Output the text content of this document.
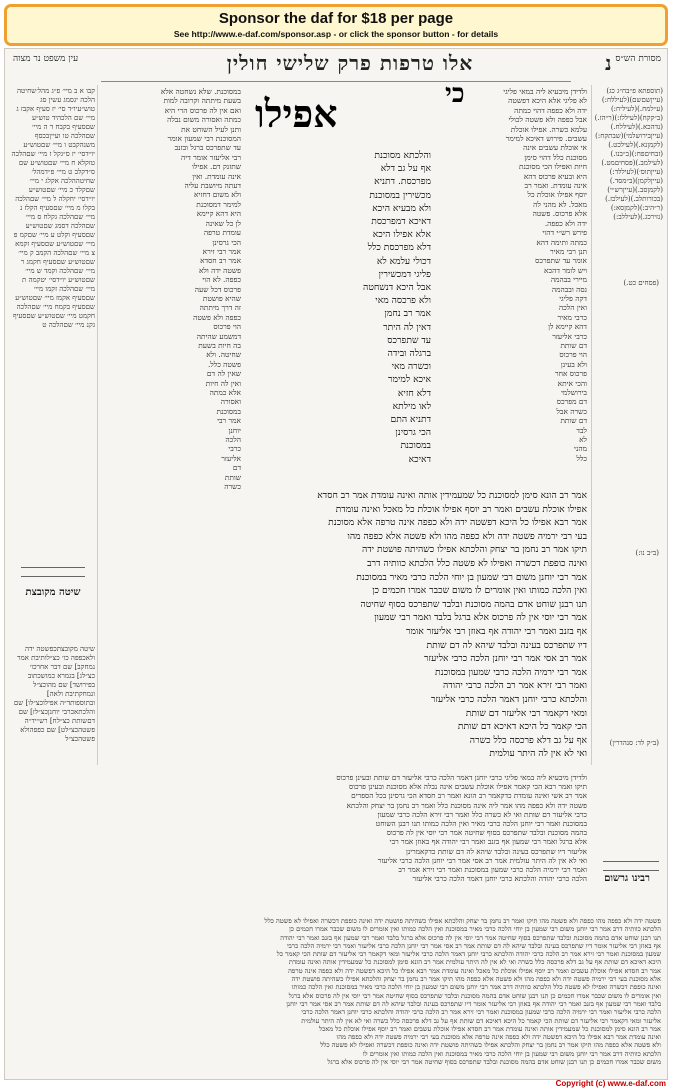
Sponsor the daf for $18 per page
See http://www.e-daf.com/sponsor.asp - or click the sponsor button - for details
עין משפט נר מצוה	אלו טרפות פרק שלישי חולין	מסורת הש״ס
נ
אפילו	כי
במסוכנת. שלא נשחטה אלא
בשעת מיתתה וקרובה למות
ואם אין לה פרכוס הרי היא
כמתה ואסורה משום נבלה
ותנן לעיל השוחט את
המסוכנת רבי שמעון אומר
עד שתפרכס ברגל ובזנב
רבי אליעזר אומר דיה
שתזנק דם. אפילו
אינה עומדת. ואין
דעתה מיושבת עליה
ולא משום דחזיא
למימר דמסוכנת
היא דהא קיימא
לן כל שאינה
עומדת טרפה
הכי גרסינן
אמר רבי זירא
אמר רב חסדא
פשטה ידה ולא
כפפה. לא הוי
פרכוס דכל שעה
שהיא פושטת
זה דרך מיתתה
כפפה ולא פשטה
הוי פרכוס
דמשמע שהיתה
בה חיות בשעת
שחיטה. ולא
פשטה כלל.
שאין לה דם
ואין לה חיות
אלא כמתה
ואסורה
במסוכנת
אמר רבי
יוחנן
הלכה
כרבי
אליעזר
דם
שותת
כשרה
ולדידן מיבעיא ליה במאי פליגי
לא פליגי אלא היכא דפשטה
ידה ולא כפפה דהוי כמתה
אבל כפפה ולא פשטה לכולי
עלמא כשרה. אפילו אוכלת
עשבים. פירוש דאיכא למימר
אי אוכלת עשבים אינה
מסוכנת כלל דהוי סימן
חיות ואפילו הכי מסוכנת
היא ובעיא פרכוס דהא
אינה עומדת. ואמר רב
יוסף אפילו אוכלת כל
מאכל. לא מהני לה
אלא פרכוס. פשטה
ידה ולא כפפה.
פירש רש״י דהוי
כמתה ותימה דהא
תנן רבי מאיר
אומר עד שתפרכס
ויש לומר דהכא
מיירי בבהמה
גסה ובבהמה
דקה פליגי
ואין הלכה
כרבי מאיר
דהא קיימא לן
כרבי אליעזר
דם שותת
הוי פרכוס
ולא בעינן
פרכוס אחר
והכי איתא
בירושלמי
דם מפרכס
כשרה אבל
דם שותת
לבד
לא
מהני
כלל
והלכתא מסוכנת
אף על גב דלא
מפרכסת. דתניא
מכשירין במסוכנת
ולא מבעיא היכא
דאיכא דמפרכסת
אלא אפילו היכא
דלא מפרכסת כלל
דכולי עלמא לא
פליגי דמכשירין
אבל היכא דנשחטה
ולא פרכסה מאי
אמר רב נחמן
דאין לה היתר
עד שתפרכס
ברגלה ובידה
וכשרה מאי
איכא למימר
דלא חזיא
לאו מילתא
דתניא התם
הכי גרסינן
במסוכנת
דאיכא
אמר רב הונא סימן למסוכנת כל שמעמידין אותה ואינה עומדת אמר רב חסדא
אפילו אוכלת עשבים ואמר רב יוסף אפילו אוכלת כל מאכל ואינה עומדת
אמר רבא אפילו כל היכא דפשטה ידה ולא כפפה אינה טרפה אלא מסוכנת
בעי רבי ירמיה פשטה ידה ולא כפפה מהו ולא פשטה אלא כפפה מהו
תיקו אמר רב נחמן בר יצחק והלכתא אפילו כשהיתה פושטת ידה
ואינה כופפת דכשרה ואפילו לא פשטה כלל הלכתא כוותיה דרב
אמר רבי יוחנן משום רבי שמעון בן יוחי הלכה כרבי מאיר במסוכנת
ואין הלכה כמותו ואין אומרים לו משום שכבר אמרו חכמים כן
תנו רבנן שוחט אדם בהמה מסוכנת ובלבד שתפרכס בסוף שחיטה
אמר רבי יוסי אין לה פרכוס אלא ברגל בלבד ואמר רבי שמעון
אף בזנב ואמר רבי יהודה אף באוזן רבי אליעזר אומר
דיו שתפרכס בעינה ובלבד שיהא לה דם שותת
אמר רב אסי אמר רבי יוחנן הלכה כרבי אליעזר
אמר רבי ירמיה הלכה כרבי שמעון במסוכנת
ואמר רבי זירא אמר רב הלכה כרבי יהודה
והלכתא כרבי יוחנן דאמר הלכה כרבי אליעזר
ומאי דקאמר רבי אליעזר דם שותת
הכי קאמר כל היכא דאיכא דם שותת
אף על גב דלא פרכסה כלל כשרה
ואי לא אין לה היתר עולמית
ולדידן מיבעיא ליה במאי פליגי כרבי יוחנן דאמר הלכה כרבי אליעזר דם שותת ובעינן פרכוס
תיקו ואמר רבא הכי קאמר אפילו אוכלת עשבים אינה נבלה אלא מסוכנת ובעינן פרכוס
אמר רב אשי ואינה עומדת כדקאמר רב הונא ואמר רב חסדא הכי גרסינן בכל הספרים
פשטה ידה ולא כפפה מהו אמר ליה אינה מסוכנת כלל ואמר רב נחמן בר יצחק והלכתא
כרבי אליעזר דם שותת ואי לא כשרה כלל ואמר רבי זירא הלכה כרבי שמעון
במסוכנת ואמר רבי יוחנן הלכה כרבי מאיר ואין הלכה כמותו תנו רבנן השוחט
בהמה מסוכנת ובלבד שתפרכס בסוף שחיטה אמר רבי יוסי אין לה פרכוס
אלא ברגל ואמר רבי שמעון אף בזנב ואמר רבי יהודה אף באוזן אמר רבי
אליעזר דיו שתפרכס בעינה ובלבד שיהא לה דם שותת כדקאמרינן
ואי לא אין לה היתר עולמית אמר רב אסי אמר רבי יוחנן הלכה כרבי אליעזר
ואמר רבי ירמיה הלכה כרבי שמעון במסוכנת ואמר רבי זירא אמר רב
הלכה כרבי יהודה והלכתא כרבי יוחנן דאמר הלכה כרבי אליעזר
פשטה ידה ולא כפפה מהו כפפה ולא פשטה מהו תיקו ואמר רב נחמן בר יצחק והלכתא אפילו כשהיתה פושטת ידה ואינה כופפת דכשרה ואפילו לא פשטה כלל
הלכתא כוותיה דרב אמר רבי יוחנן משום רבי שמעון בן יוחי הלכה כרבי מאיר במסוכנת ואין הלכה כמותו ואין אומרים לו משום שכבר אמרו חכמים כן
תנו רבנן שוחט אדם בהמה מסוכנת ובלבד שתפרכס בסוף שחיטה אמר רבי יוסי אין לה פרכוס אלא ברגל בלבד ואמר רבי שמעון אף בזנב ואמר רבי יהודה
אף באוזן רבי אליעזר אומר דיו שתפרכס בעינה ובלבד שיהא לה דם שותת אמר רב אסי אמר רבי יוחנן הלכה כרבי אליעזר ואמר רבי ירמיה הלכה כרבי
שמעון במסוכנת ואמר רבי זירא אמר רב הלכה כרבי יהודה והלכתא כרבי יוחנן דאמר הלכה כרבי אליעזר ומאי דקאמר רבי אליעזר דם שותת הכי קאמר כל
היכא דאיכא דם שותת אף על גב דלא פרכסה כלל כשרה ואי לא אין לה היתר עולמית אמר רב הונא סימן למסוכנת כל שמעמידין אותה ואינה עומדת
אמר רב חסדא אפילו אוכלת עשבים ואמר רב יוסף אפילו אוכלת כל מאכל ואינה עומדת אמר רבא אפילו כל היכא דפשטה ידה ולא כפפה אינה טרפה
אלא מסוכנת בעי רבי ירמיה פשטה ידה ולא כפפה מהו ולא פשטה אלא כפפה מהו תיקו אמר רב נחמן בר יצחק והלכתא אפילו כשהיתה פושטת ידה
ואינה כופפת דכשרה ואפילו לא פשטה כלל הלכתא כוותיה דרב אמר רבי יוחנן משום רבי שמעון בן יוחי הלכה כרבי מאיר במסוכנת ואין הלכה כמותו
ואין אומרים לו משום שכבר אמרו חכמים כן תנו רבנן שוחט אדם בהמה מסוכנת ובלבד שתפרכס בסוף שחיטה אמר רבי יוסי אין לה פרכוס אלא ברגל
בלבד ואמר רבי שמעון אף בזנב ואמר רבי יהודה אף באוזן רבי אליעזר אומר דיו שתפרכס בעינה ובלבד שיהא לה דם שותת אמר רב אסי אמר רבי יוחנן
הלכה כרבי אליעזר ואמר רבי ירמיה הלכה כרבי שמעון במסוכנת ואמר רבי זירא אמר רב הלכה כרבי יהודה והלכתא כרבי יוחנן דאמר הלכה כרבי
אליעזר ומאי דקאמר רבי אליעזר דם שותת הכי קאמר כל היכא דאיכא דם שותת אף על גב דלא פרכסה כלל כשרה ואי לא אין לה היתר עולמית
אמר רב הונא סימן למסוכנת כל שמעמידין אותה ואינה עומדת אמר רב חסדא אפילו אוכלת עשבים ואמר רב יוסף אפילו אוכלת כל מאכל
ואינה עומדת אמר רבא אפילו כל היכא דפשטה ידה ולא כפפה אינה טרפה אלא מסוכנת בעי רבי ירמיה פשטה ידה ולא כפפה מהו
ולא פשטה אלא כפפה מהו תיקו אמר רב נחמן בר יצחק והלכתא אפילו כשהיתה פושטת ידה ואינה כופפת דכשרה ואפילו לא פשטה כלל
הלכתא כוותיה דרב אמר רבי יוחנן משום רבי שמעון בן יוחי הלכה כרבי מאיר במסוכנת ואין הלכה כמותו ואין אומרים לו
משום שכבר אמרו חכמים כן תנו רבנן שוחט אדם בהמה מסוכנת ובלבד שתפרכס בסוף שחיטה אמר רבי יוסי אין לה פרכוס אלא ברגל
קבו א ב מיי׳ פ״ג מהל׳שחיטה הלכה יגסמג עשין סג טוש״עיו״ד סי׳ יז סעיף אקבז ג מיי׳ שם הלכהיד טוש״ע שםסעיף בקבח ד ה מיי׳ שםהלכה טו ועייןבכסף משנהקבט ו מיי׳ שםטוש״ע יו״דסי׳ יז ס״גקל ז מיי׳ שםהלכה טזקלא ח מיי׳ שםטוש״ע שם ס״דקלב ט מיי׳ פ״דמהל׳ שחיטההלכה אקלג י מיי׳ שםקלד כ מיי׳ שםטוש״ע יו״דסי׳ יחקלה ל מיי׳ שםהלכה בקלו מ מיי׳ שםסעיף הקלז נ מיי׳ שםהלכה גקלח ס מיי׳ שםהלכה דסמג שםטוש״ע שםסעיף וקלט ע מיי׳ שםקמ פ מיי׳ שםטוש״ע שםסעיף זקמא צ מיי׳ שםהלכה הקמב ק מיי׳ שםטוש״ע שםסעיף חקמג ר מיי׳ שםהלכה וקמד ש מיי׳ שםטוש״ע יו״דסי׳ יטקמה ת מיי׳ שםהלכה זקמו מיי׳ שםסעיף אקמז מיי׳ שםטוש״ע שםסעיף בקמח מיי׳ שםהלכה חקמט מיי׳ שםטוש״ע שםסעיף גקנ מיי׳ שםהלכה ט
שיטה מקובצת
שיטה מקובצתכפשטה ידה ולאכפפה כו׳ כצ״לותיבת אמר נמחקב] שם דבר אחרכו׳ כצ״לג] בגמרא כמושכתוב בפירושד] שם מהוכצ״ל ונמחקתיבת ולאה] ובתוספותד״ה אפילוכצ״לו] שם והלכתאכרבי יוחנןכצ״לז] שם דםשותת כצ״לח] רש״יד״ה פשטהכצ״לט] שם כפפהולא פשטהכצ״ל
(תוספתא פ״בח״ג כג)(עייןשםשם)(לעיללח:)(ע״למח.)(לעיליח:)(ב״קקח)(לעיללז:)(ר״הז.)(נדהכא.)(לעיללח.)(עייןבירושלמי)(שבתקח:)(לקמןנא.)(לעילכט.)(זבחיםפח:)(ב״בנו.)(לעילמב.)(פסחיםמט.)(עייןתוס׳)(לעיללד:)(עייןלקמן)(ב״מסד.)(לקמןסב.)(עייןרש״י)(בכורותלב.)(לעילכז.)(ר״היב:)(לקמןסא:)(נזירכג.)(לעיללב:)
רבינו גרשום
(פסחים כט.)
(ב״ב נו:)
(ב״ק לד: סנהדרין)
Copyright (c) www.e-daf.com
